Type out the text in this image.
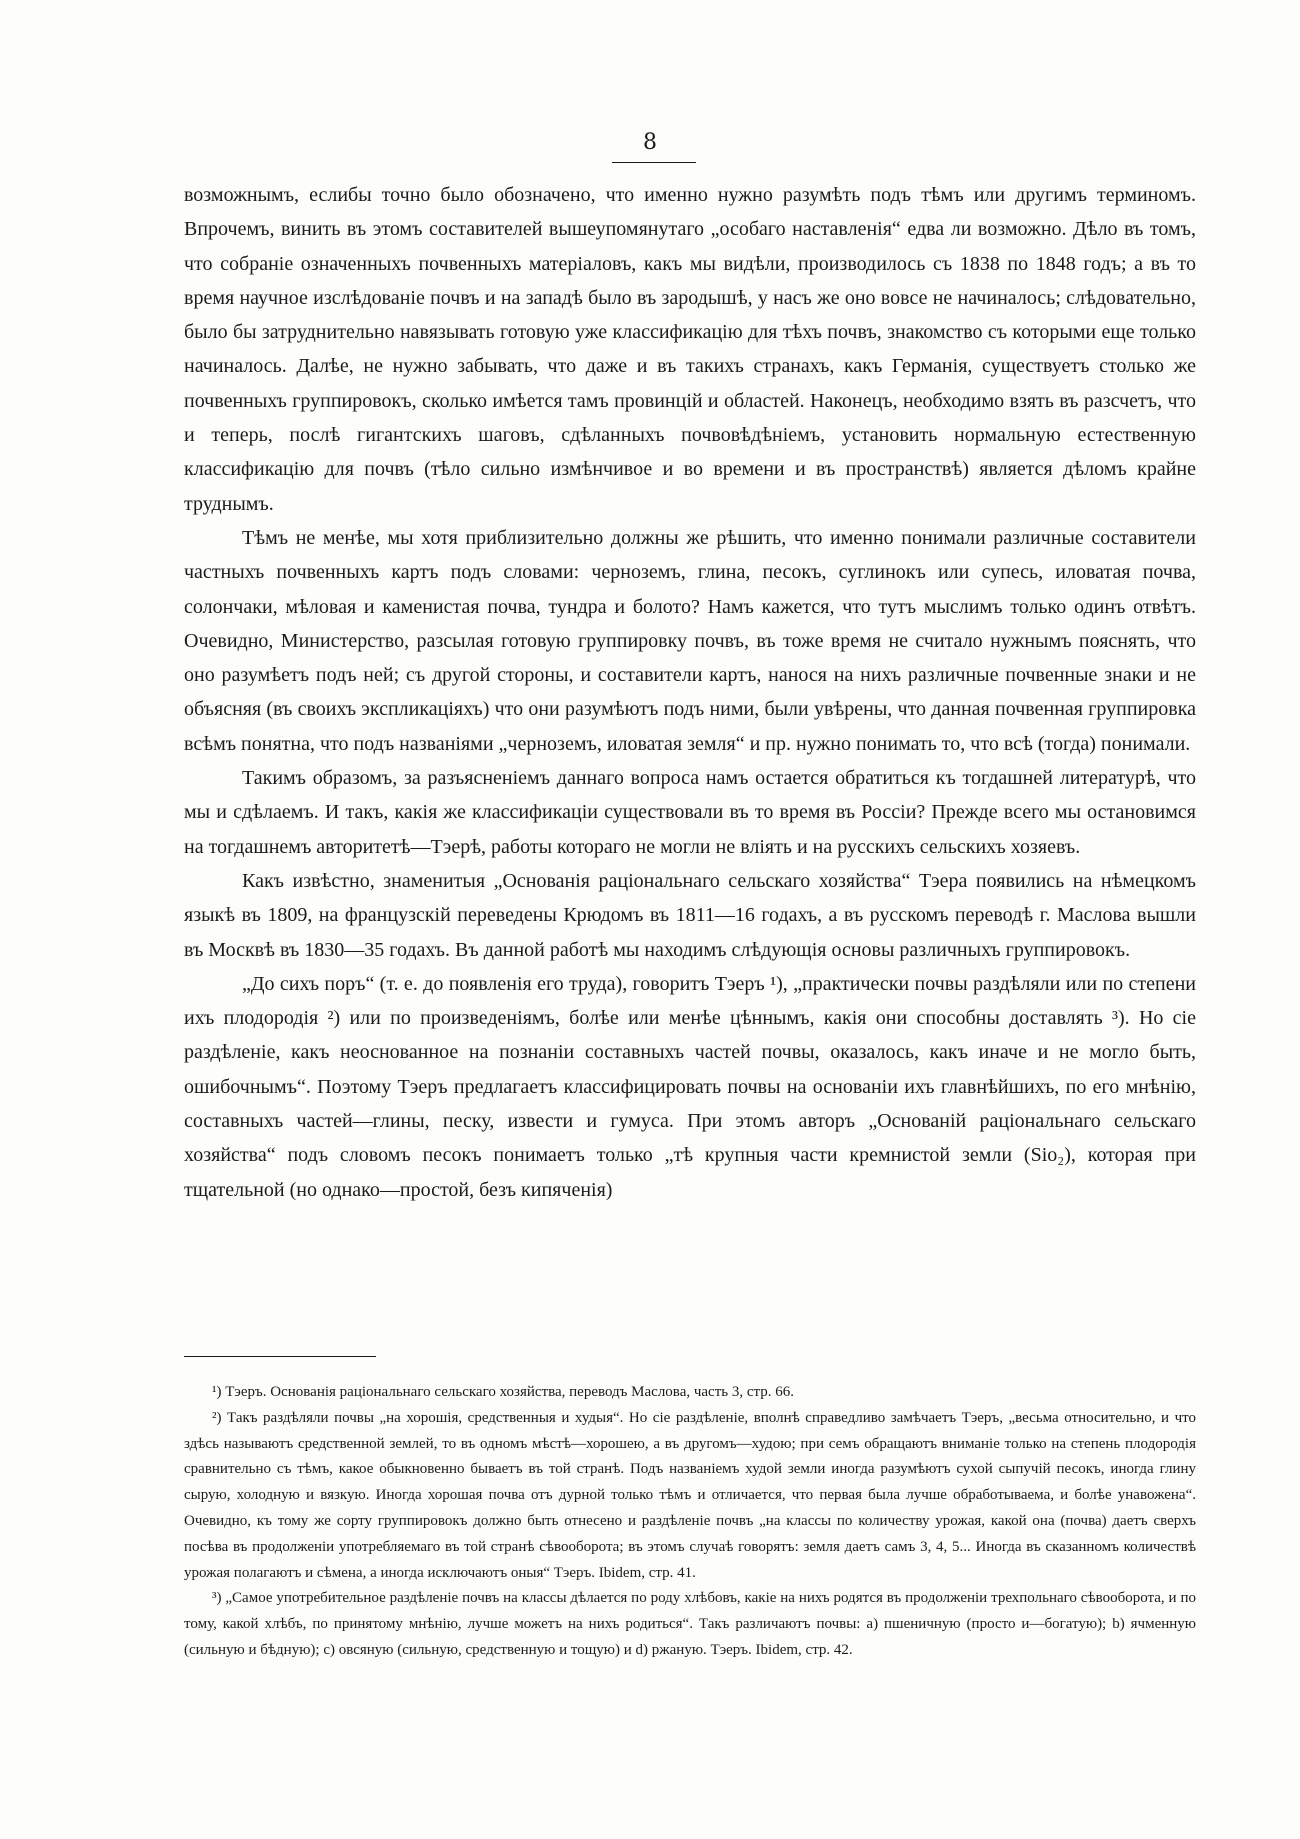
8

возможнымъ, еслибы точно было обозначено, что именно нужно разумѣть подъ тѣмъ или другимъ терминомъ. Впрочемъ, винить въ этомъ составителей вышеупомянутаго „особаго наставленія“ едва ли возможно. Дѣло въ томъ, что собраніе означенныхъ почвенныхъ матеріаловъ, какъ мы видѣли, производилось съ 1838 по 1848 годъ; а въ то время научное изслѣдованіе почвъ и на западѣ было въ зародышѣ, у насъ же оно вовсе не начиналось; слѣдовательно, было бы затруднительно навязывать готовую уже классификацію для тѣхъ почвъ, знакомство съ которыми еще только начиналось. Далѣе, не нужно забывать, что даже и въ такихъ странахъ, какъ Германія, существуетъ столько же почвенныхъ группировокъ, сколько имѣется тамъ провинцій и областей. Наконецъ, необходимо взять въ разсчетъ, что и теперь, послѣ гигантскихъ шаговъ, сдѣланныхъ почвовѣдѣніемъ, установить нормальную естественную классификацію для почвъ (тѣло сильно измѣнчивое и во времени и въ пространствѣ) является дѣломъ крайне труднымъ.

Тѣмъ не менѣе, мы хотя приблизительно должны же рѣшить, что именно понимали различные составители частныхъ почвенныхъ картъ подъ словами: черноземъ, глина, песокъ, суглинокъ или супесь, иловатая почва, солончаки, мѣловая и каменистая почва, тундра и болото? Намъ кажется, что тутъ мыслимъ только одинъ отвѣтъ. Очевидно, Министерство, разсылая готовую группировку почвъ, въ тоже время не считало нужнымъ пояснять, что оно разумѣетъ подъ ней; съ другой стороны, и составители картъ, нанося на нихъ различные почвенные знаки и не объясняя (въ своихъ экспликаціяхъ) что они разумѣютъ подъ ними, были увѣрены, что данная почвенная группировка всѣмъ понятна, что подъ названіями „черноземъ, иловатая земля“ и пр. нужно понимать то, что всѣ (тогда) понимали.

Такимъ образомъ, за разъясненіемъ даннаго вопроса намъ остается обратиться къ тогдашней литературѣ, что мы и сдѣлаемъ. И такъ, какія же классификаціи существовали въ то время въ Россіи? Прежде всего мы остановимся на тогдашнемъ авторитетѣ—Тэерѣ, работы котораго не могли не вліять и на русскихъ сельскихъ хозяевъ.

Какъ извѣстно, знаменитыя „Основанія раціональнаго сельскаго хозяйства“ Тэера появились на нѣмецкомъ языкѣ въ 1809, на французскій переведены Крюдомъ въ 1811—16 годахъ, а въ русскомъ переводѣ г. Маслова вышли въ Москвѣ въ 1830—35 годахъ. Въ данной работѣ мы находимъ слѣдующія основы различныхъ группировокъ.

„До сихъ поръ“ (т. е. до появленія его труда), говоритъ Тэеръ ¹), „практически почвы раздѣляли или по степени ихъ плодородія ²) или по произведеніямъ, болѣе или менѣе цѣннымъ, какія они способны доставлять ³). Но сіе раздѣленіе, какъ неоснованное на познаніи составныхъ частей почвы, оказалось, какъ иначе и не могло быть, ошибочнымъ“. Поэтому Тэеръ предлагаетъ классифицировать почвы на основаніи ихъ главнѣйшихъ, по его мнѣнію, составныхъ частей—глины, песку, извести и гумуса. При этомъ авторъ „Основаній раціональнаго сельскаго хозяйства“ подъ словомъ песокъ понимаетъ только „тѣ крупныя части кремнистой земли (Sio₂), которая при тщательной (но однако—простой, безъ кипяченія)

¹) Тэеръ. Основанія раціональнаго сельскаго хозяйства, переводъ Маслова, часть 3, стр. 66.

²) Такъ раздѣляли почвы „на хорошія, средственныя и худыя“. Но сіе раздѣленіе, вполнѣ справедливо замѣчаетъ Тэеръ, „весьма относительно, и что здѣсь называютъ средственной землей, то въ одномъ мѣстѣ—хорошею, а въ другомъ—худою; при семъ обращаютъ вниманіе только на степень плодородія сравнительно съ тѣмъ, какое обыкновенно бываетъ въ той странѣ. Подъ названіемъ худой земли иногда разумѣютъ сухой сыпучій песокъ, иногда глину сырую, холодную и вязкую. Иногда хорошая почва отъ дурной только тѣмъ и отличается, что первая была лучше обработываема, и болѣе унавожена“. Очевидно, къ тому же сорту группировокъ должно быть отнесено и раздѣленіе почвъ „на классы по количеству урожая, какой она (почва) даетъ сверхъ посѣва въ продолженіи употребляемаго въ той странѣ сѣвооборота; въ этомъ случаѣ говорятъ: земля даетъ самъ 3, 4, 5... Иногда въ сказанномъ количествѣ урожая полагаютъ и сѣмена, а иногда исключаютъ оныя“ Тэеръ. Ibidem, стр. 41.

³) „Самое употребительное раздѣленіе почвъ на классы дѣлается по роду хлѣбовъ, какіе на нихъ родятся въ продолженіи трехпольнаго сѣвооборота, и по тому, какой хлѣбъ, по принятому мнѣнію, лучше можетъ на нихъ родиться“. Такъ различаютъ почвы: a) пшеничную (просто и—богатую); b) ячменную (сильную и бѣдную); c) овсяную (сильную, средственную и тощую) и d) ржаную. Тэеръ. Ibidem, стр. 42.
